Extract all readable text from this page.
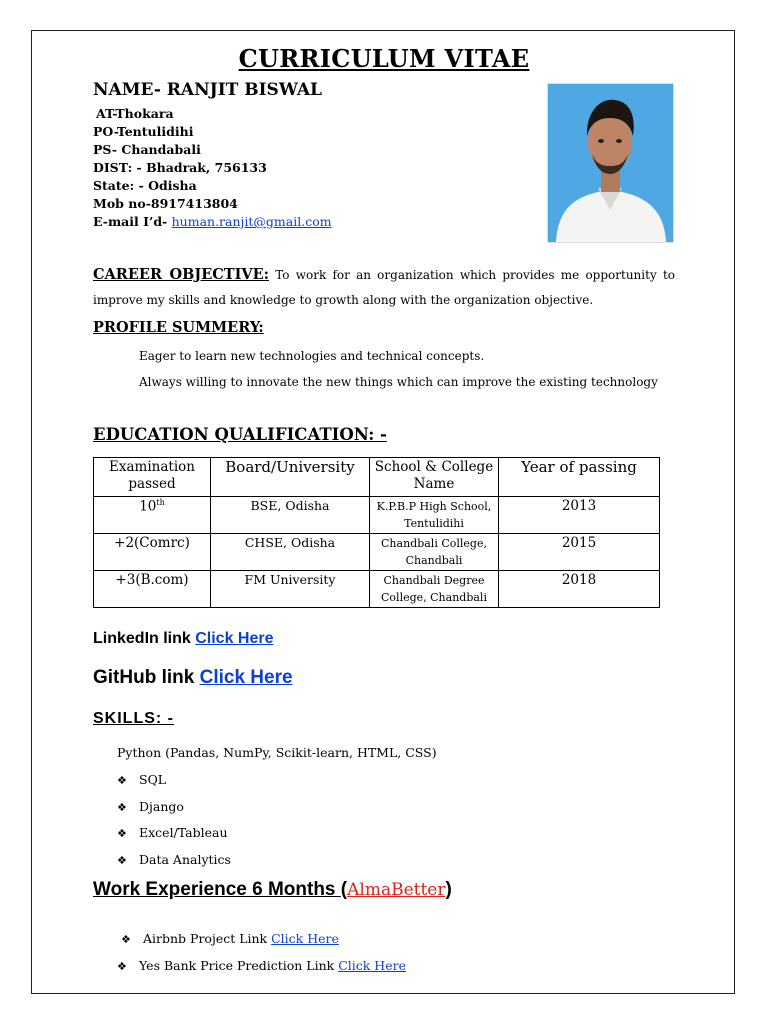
CURRICULUM VITAE
NAME- RANJIT BISWAL
AT-Thokara
PO-Tentulidihi
PS- Chandabali
DIST: - Bhadrak, 756133
State: - Odisha
Mob no-8917413804
E-mail I’d- human.ranjit@gmail.com
CAREER OBJECTIVE: To work for an organization which provides me opportunity to improve my skills and knowledge to growth along with the organization objective.
PROFILE SUMMERY:
Eager to learn new technologies and technical concepts.
Always willing to innovate the new things which can improve the existing technology
EDUCATION QUALIFICATION: -
Examination passed	Board/University	School & College Name	Year of passing
10th	BSE, Odisha	K.P.B.P High School, Tentulidihi	2013
+2(Comrc)	CHSE, Odisha	Chandbali College, Chandbali	2015
+3(B.com)	FM University	Chandbali Degree College, Chandbali	2018
LinkedIn link Click Here
GitHub link Click Here
SKILLS: -
Python (Pandas, NumPy, Scikit-learn, HTML, CSS)
❖ SQL
❖ Django
❖ Excel/Tableau
❖ Data Analytics
Work Experience 6 Months (AlmaBetter)
❖ Airbnb Project Link Click Here
❖ Yes Bank Price Prediction Link Click Here
